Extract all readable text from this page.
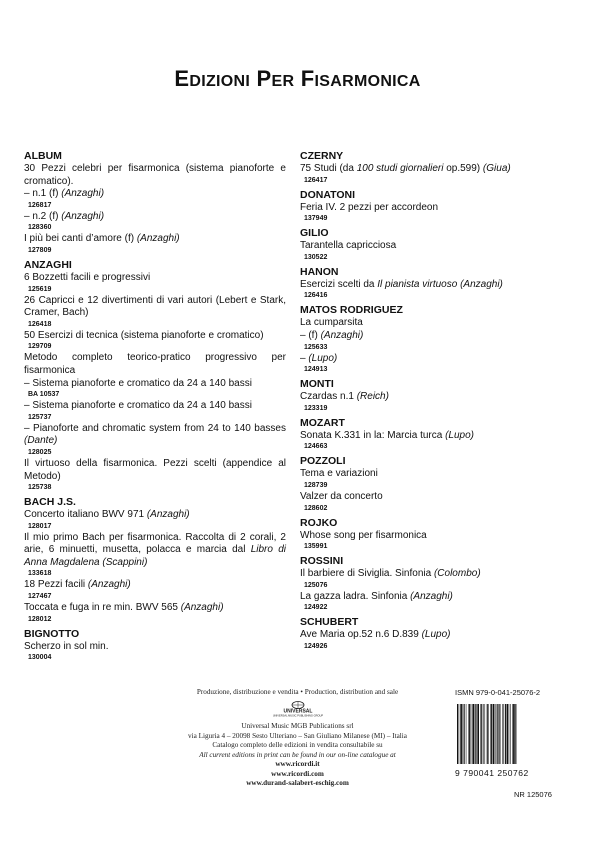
EDIZIONI PER FISARMONICA
ALBUM
30 Pezzi celebri per fisarmonica (sistema pianoforte e cromatico).
– n.1 (f) (Anzaghi)
126817
– n.2 (f) (Anzaghi)
128360
I più bei canti d’amore (f) (Anzaghi)
127809
ANZAGHI
6 Bozzetti facili e progressivi
125619
26 Capricci e 12 divertimenti di vari autori (Lebert e Stark, Cramer, Bach)
126418
50 Esercizi di tecnica (sistema pianoforte e cromatico)
129709
Metodo completo teorico-pratico progressivo per fisarmonica
– Sistema pianoforte e cromatico da 24 a 140 bassi
BA 10537
– Sistema pianoforte e cromatico da 24 a 140 bassi
125737
– Pianoforte and chromatic system from 24 to 140 basses (Dante)
128025
Il virtuoso della fisarmonica. Pezzi scelti (appendice al Metodo)
125738
BACH J.S.
Concerto italiano BWV 971 (Anzaghi)
128017
Il mio primo Bach per fisarmonica. Raccolta di 2 corali, 2 arie, 6 minuetti, musetta, polacca e marcia dal Libro di Anna Magdalena (Scappini)
133618
18 Pezzi facili (Anzaghi)
127467
Toccata e fuga in re min. BWV 565 (Anzaghi)
128012
BIGNOTTO
Scherzo in sol min.
130004
CZERNY
75 Studi (da 100 studi giornalieri op.599) (Giua)
126417
DONATONI
Feria IV. 2 pezzi per accordeon
137949
GILIO
Tarantella capricciosa
130522
HANON
Esercizi scelti da Il pianista virtuoso (Anzaghi)
126416
MATOS RODRIGUEZ
La cumparsita
– (f) (Anzaghi)
125633
– (Lupo)
124913
MONTI
Czardas n.1 (Reich)
123319
MOZART
Sonata K.331 in la: Marcia turca (Lupo)
124663
POZZOLI
Tema e variazioni
128739
Valzer da concerto
128602
ROJKO
Whose song per fisarmonica
135991
ROSSINI
Il barbiere di Siviglia. Sinfonia (Colombo)
125076
La gazza ladra. Sinfonia (Anzaghi)
124922
SCHUBERT
Ave Maria op.52 n.6 D.839 (Lupo)
124926
Produzione, distribuzione e vendita • Production, distribution and sale
UNIVERSAL
UNIVERSAL MUSIC PUBLISHING GROUP
Universal Music MGB Publications srl
via Liguria 4 – 20098 Sesto Ulteriano – San Giuliano Milanese (MI) – Italia
Catalogo completo delle edizioni in vendita consultabile su
All current editions in print can be found in our on-line catalogue at
www.ricordi.it
www.ricordi.com
www.durand-salabert-eschig.com
ISMN 979-0-041-25076-2
9 790041 250762
NR 125076
